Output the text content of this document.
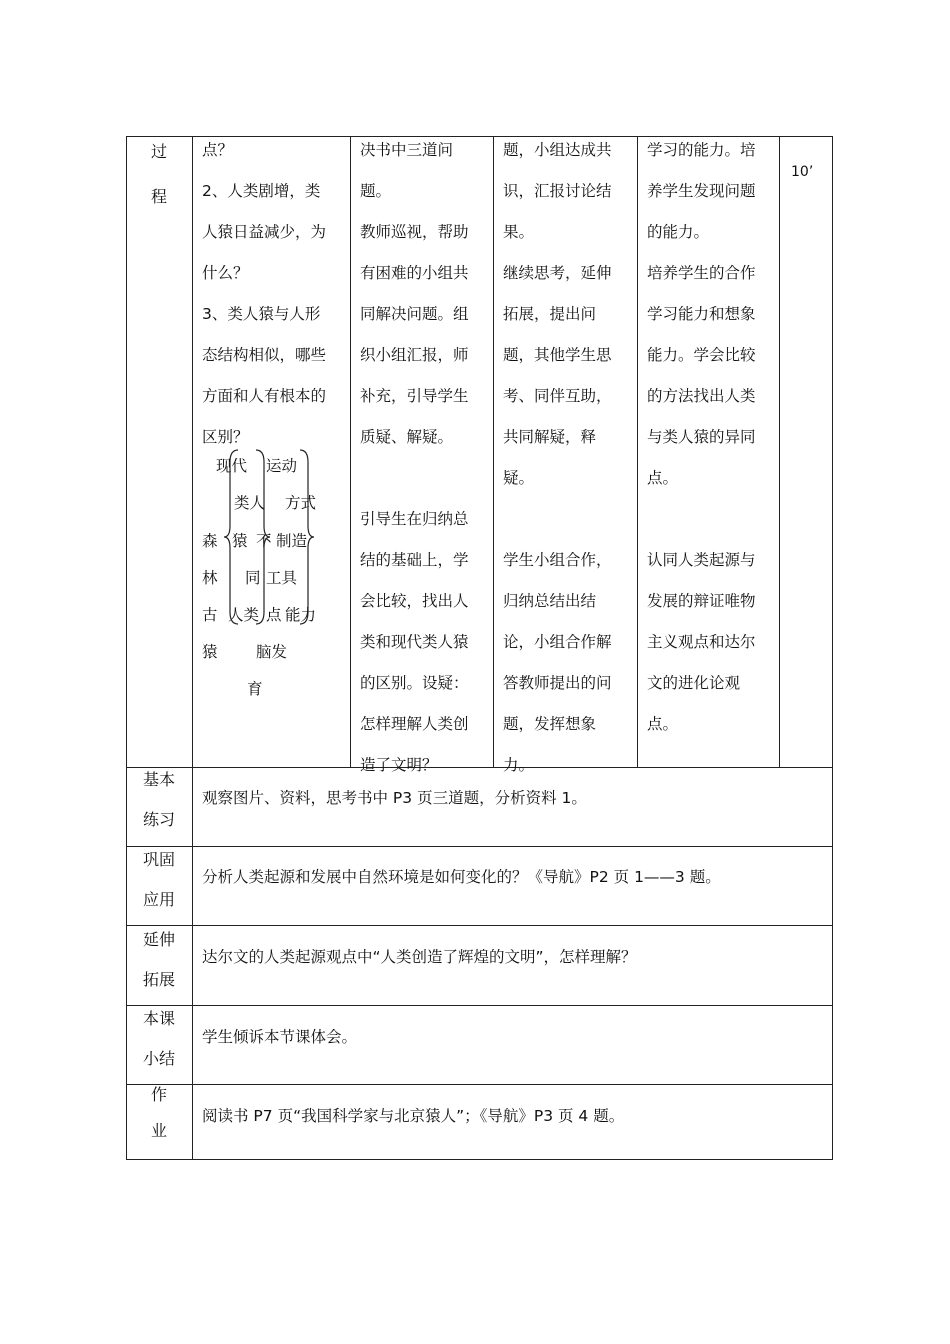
过
程
10’
点？
2、人类剧增，类
人猿日益减少，为
什么？
3、类人猿与人形
态结构相似，哪些
方面和人有根本的
区别？
现代 运动
类人 方式
森 猿 不 制造
林 同 工具
古 人类 点 能力
猿 脑发
育
决书中三道问
题。
教师巡视，帮助
有困难的小组共
同解决问题。组
织小组汇报，师
补充，引导学生
质疑、解疑。
引导生在归纳总
结的基础上，学
会比较，找出人
类和现代类人猿
的区别。设疑：
怎样理解人类创
造了文明？
题，小组达成共
识，汇报讨论结
果。
继续思考，延伸
拓展，提出问
题，其他学生思
考、同伴互助，
共同解疑，释
疑。
学生小组合作，
归纳总结出结
论，小组合作解
答教师提出的问
题，发挥想象
力。
学习的能力。培
养学生发现问题
的能力。
培养学生的合作
学习能力和想象
能力。学会比较
的方法找出人类
与类人猿的异同
点。
认同人类起源与
发展的辩证唯物
主义观点和达尔
文的进化论观
点。
基本
练习
观察图片、资料，思考书中 P3 页三道题，分析资料 1。
巩固
应用
分析人类起源和发展中自然环境是如何变化的？《导航》P2 页 1——3 题。
延伸
拓展
达尔文的人类起源观点中“人类创造了辉煌的文明”，怎样理解？
本课
小结
学生倾诉本节课体会。
作
业
阅读书 P7 页“我国科学家与北京猿人”；《导航》P3 页 4 题。
